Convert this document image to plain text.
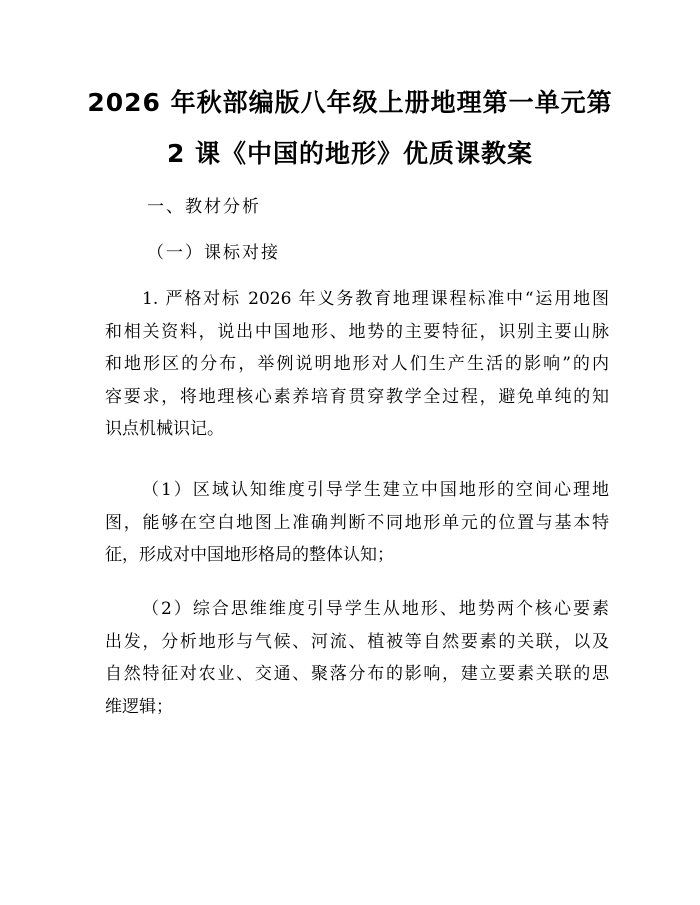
2026 年秋部编版八年级上册地理第一单元第
2 课《中国的地形》优质课教案
一、教材分析
（一）课标对接
1. 严格对标 2026 年义务教育地理课程标准中“运用地图
和相关资料，说出中国地形、地势的主要特征，识别主要山脉
和地形区的分布，举例说明地形对人们生产生活的影响”的内
容要求，将地理核心素养培育贯穿教学全过程，避免单纯的知
识点机械识记。
（1）区域认知维度引导学生建立中国地形的空间心理地
图，能够在空白地图上准确判断不同地形单元的位置与基本特
征，形成对中国地形格局的整体认知；
（2）综合思维维度引导学生从地形、地势两个核心要素
出发，分析地形与气候、河流、植被等自然要素的关联，以及
自然特征对农业、交通、聚落分布的影响，建立要素关联的思
维逻辑；
